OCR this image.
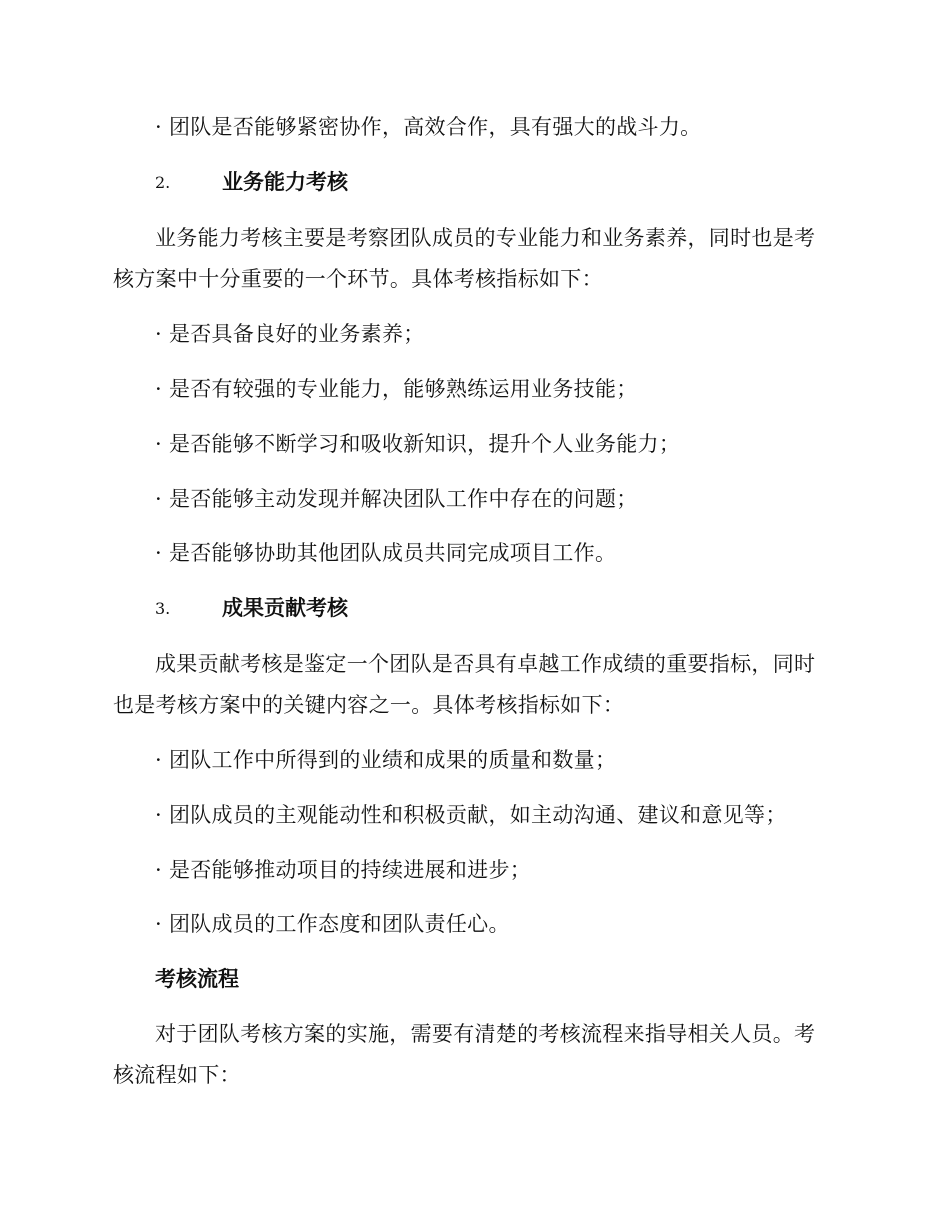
· 团队是否能够紧密协作，高效合作，具有强大的战斗力。
2. 业务能力考核
业务能力考核主要是考察团队成员的专业能力和业务素养，同时也是考
核方案中十分重要的一个环节。具体考核指标如下：
· 是否具备良好的业务素养；
· 是否有较强的专业能力，能够熟练运用业务技能；
· 是否能够不断学习和吸收新知识，提升个人业务能力；
· 是否能够主动发现并解决团队工作中存在的问题；
· 是否能够协助其他团队成员共同完成项目工作。
3. 成果贡献考核
成果贡献考核是鉴定一个团队是否具有卓越工作成绩的重要指标，同时
也是考核方案中的关键内容之一。具体考核指标如下：
· 团队工作中所得到的业绩和成果的质量和数量；
· 团队成员的主观能动性和积极贡献，如主动沟通、建议和意见等；
· 是否能够推动项目的持续进展和进步；
· 团队成员的工作态度和团队责任心。
考核流程
对于团队考核方案的实施，需要有清楚的考核流程来指导相关人员。考
核流程如下：
